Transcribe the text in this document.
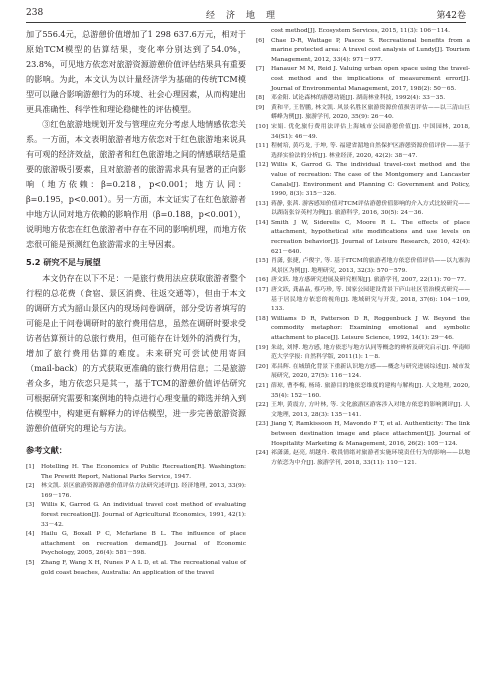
238	经济地理	第42卷

加了556.4元，总游憩价值增加了1 298 637.6万元，相对于原始TCM模型的估算结果，变化率分别达到了54.0%，23.8%，可见地方依恋对旅游资源游憩价值评估结果具有重要的影响。为此，本文认为以计量经济学为基础的传统TCM模型可以融合影响游憩行为的环境、社会心理因素，从而构建出更具准确性、科学性和理论稳健性的评估模型。

③红色旅游地规划开发与管理应充分考虑人地情感依恋关系。一方面，本文表明旅游者地方依恋对于红色旅游地来说具有可观的经济效益，旅游者和红色旅游地之间的情感联结是重要的旅游吸引要素，且对旅游者的旅游需求具有显著的正向影响（地方依赖：β=0.218，p<0.001；地方认同：β=0.195，p<0.001）。另一方面，本文证实了在红色旅游者中地方认同对地方依赖的影响作用（β=0.188，p<0.001），说明地方依恋在红色旅游者中存在不同的影响机理，而地方依恋很可能是预测红色旅游需求的主导因素。

5.2 研究不足与展望

本文仍存在以下不足：一是旅行费用法应获取旅游者整个行程的总花费（食宿、景区消费、往返交通等），但由于本文的调研方式为韶山景区内的现场问卷调研，部分受访者填写的可能是止于问卷调研时的旅行费用信息，虽然在调研时要求受访者估算预计的总旅行费用，但可能存在计划外的消费行为，增加了旅行费用估算的难度。未来研究可尝试使用寄回（mail-back）的方式获取更准确的旅行费用信息；二是旅游者众多，地方依恋只是其一，基于TCM的游憩价值评估研究可根据研究需要和案例地的特点进行心理变量的筛选并纳入到估模型中，构建更有解释力的评估模型，进一步完善旅游资源游憩价值研究的理论与方法。

参考文献：
[1]	Hotelling H. The Economics of Public Recreation[R]. Washington: The Prewitt Report, National Parks Service, 1947.
[2]	林文凯. 景区旅游资源游憩价值评估方法研究述评[J]. 经济地理, 2013, 33(9): 169－176.
[3]	Willis K, Garrod G. An individual travel cost method of evaluating forest recreation[J]. Journal of Agricultural Economics, 1991, 42(1): 33－42.
[4]	Hailu G, Boxall P C, Mcfarlane B L. The influence of place attachment on recreation demand[J]. Journal of Economic Psychology, 2005, 26(4): 581－598.
[5]	Zhang F, Wang X H, Nunes P A L D, et al. The recreational value of gold coast beaches, Australia: An application of the travel
cost method[J]. Ecosystem Services, 2015, 11(3): 106－114.
[6]	Chae D-R, Wattage P, Pascoe S. Recreational benefits from a marine protected area: A travel cost analysis of Lundy[J]. Tourism Management, 2012, 33(4): 971－977.
[7]	Hanauer M M, Reid J. Valuing urban open space using the travel-cost method and the implications of measurement error[J]. Journal of Environmental Management, 2017, 198(2): 50－65.
[8]	邓金阳. 试论森林的游憩功能[J]. 湖南林业科技, 1992(4): 33－35.
[9]	黄和平, 王智鹏, 林文凯. 风景名胜区旅游资源价值损害评估——以三清山巨蟒峰为例[J]. 旅游学刊, 2020, 35(9): 26－40.
[10] 宋娟. 优化旅行费用法评估上海城市公园游憩价值[J]. 中国园林, 2018, 34(S1): 46－49.
[11] 程树培, 黄巧龙, 于坤, 等. 福建省湄地自然保护区游憩资源价值评价——基于选择实验法的分析[J]. 林业经济, 2020, 42(2): 38－47.
[12] Willis K, Garrod G. The individual travel-cost method and the value of recreation: The case of the Montgomery and Lancaster Canals[J]. Environment and Planning C: Government and Policy, 1990, 8(3): 315－326.
[13] 蒋静, 张茜. 游客感知价值对TCM评估游憩价值影响的介入方式比较研究——以湖南张谷英村为例[J]. 旅游科学, 2016, 30(5): 24－36.
[14] Smith J W, Siderelis C, Moore R L. The effects of place attachment, hypothetical site modifications and use levels on recreation behavior[J]. Journal of Leisure Research, 2010, 42(4): 621－640.
[15] 肖潇, 张捷, 卢俊宇, 等. 基于ITCM的旅游者地方依恋价值评估——以九寨沟风景区为例[J]. 地理研究, 2013, 32(3): 570－579.
[16] 唐文跃. 地方感研究进展及研究框架[J]. 旅游学刊, 2007, 22(11): 70－77.
[17] 唐文跃, 龚晶晶, 蔡巧珍, 等. 国家公园建设背景下庐山社区管治模式研究——基于居民地方依恋的视角[J]. 地域研究与开发, 2018, 37(6): 104－109, 133.
[18] Williams D R, Patterson D R, Roggenbuck J W. Beyond the commodity metaphor: Examining emotional and symbolic attachment to place[J]. Leisure Science, 1992, 14(1): 29－46.
[19] 朱竑, 刘博. 地方感, 地方依恋与地方认同等概念的辨析及研究启示[J]. 华南师范大学学报: 自然科学版, 2011(1): 1－8.
[20] 邓昌辉. 在城镇化背景下重新认识地方感——概念与研究进展综述[J]. 城市发展研究, 2020, 27(5): 116－124.
[21] 薛琼, 曹李梅, 杨琦. 旅游目的地依恋维度的建构与解构[J]. 人文地理, 2020, 35(4): 152－160.
[22] 王坤, 黄震方, 方叶林, 等. 文化旅游区游客涉入对地方依恋的影响测评[J]. 人文地理, 2013, 28(3): 135－141.
[23] Jiang Y, Ramkissoon H, Mavondo F T, et al. Authenticity: The link between destination image and place attachment[J]. Journal of Hospitality Marketing & Management, 2016, 26(2): 105－124.
[24] 祁潇潇, 赵亮, 胡越舟. 敬畏情绪对旅游者实施环境责任行为的影响——以地方依恋为中介[J]. 旅游学刊, 2018, 33(11): 110－121.
